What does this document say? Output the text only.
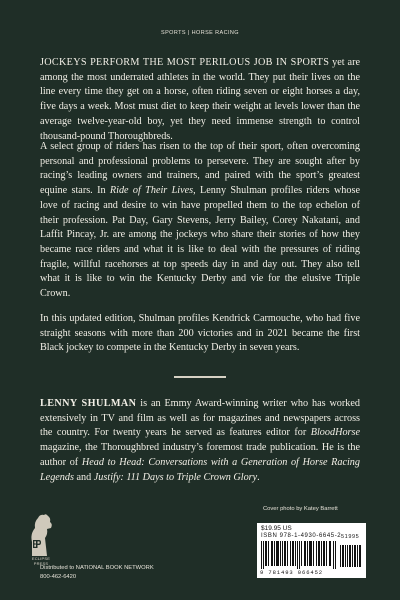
SPORTS | HORSE RACING
JOCKEYS PERFORM THE MOST PERILOUS JOB IN SPORTS yet are among the most underrated athletes in the world. They put their lives on the line every time they get on a horse, often riding seven or eight horses a day, five days a week. Most must diet to keep their weight at levels lower than the average twelve-year-old boy, yet they need immense strength to control thousand-pound Thoroughbreds.
A select group of riders has risen to the top of their sport, often overcoming personal and professional problems to persevere. They are sought after by racing’s leading owners and trainers, and paired with the sport’s greatest equine stars. In Ride of Their Lives, Lenny Shulman profiles riders whose love of racing and desire to win have propelled them to the top echelon of their profession. Pat Day, Gary Stevens, Jerry Bailey, Corey Nakatani, and Laffit Pincay, Jr. are among the jockeys who share their stories of how they became race riders and what it is like to deal with the pressures of riding fragile, willful racehorses at top speeds day in and day out. They also tell what it is like to win the Kentucky Derby and vie for the elusive Triple Crown.
In this updated edition, Shulman profiles Kendrick Carmouche, who had five straight seasons with more than 200 victories and in 2021 became the first Black jockey to compete in the Kentucky Derby in seven years.
LENNY SHULMAN is an Emmy Award-winning writer who has worked extensively in TV and film as well as for magazines and newspapers across the country. For twenty years he served as features editor for BloodHorse magazine, the Thoroughbred industry’s foremost trade publication. He is the author of Head to Head: Conversations with a Generation of Horse Racing Legends and Justify: 111 Days to Triple Crown Glory.
ECLIPSE
PRESS
Distributed to NATIONAL BOOK NETWORK
800-462-6420
Cover photo by Katey Barrett
$19.95 US
ISBN 978-1-4930-6645-2 51995
9 781493 066452
